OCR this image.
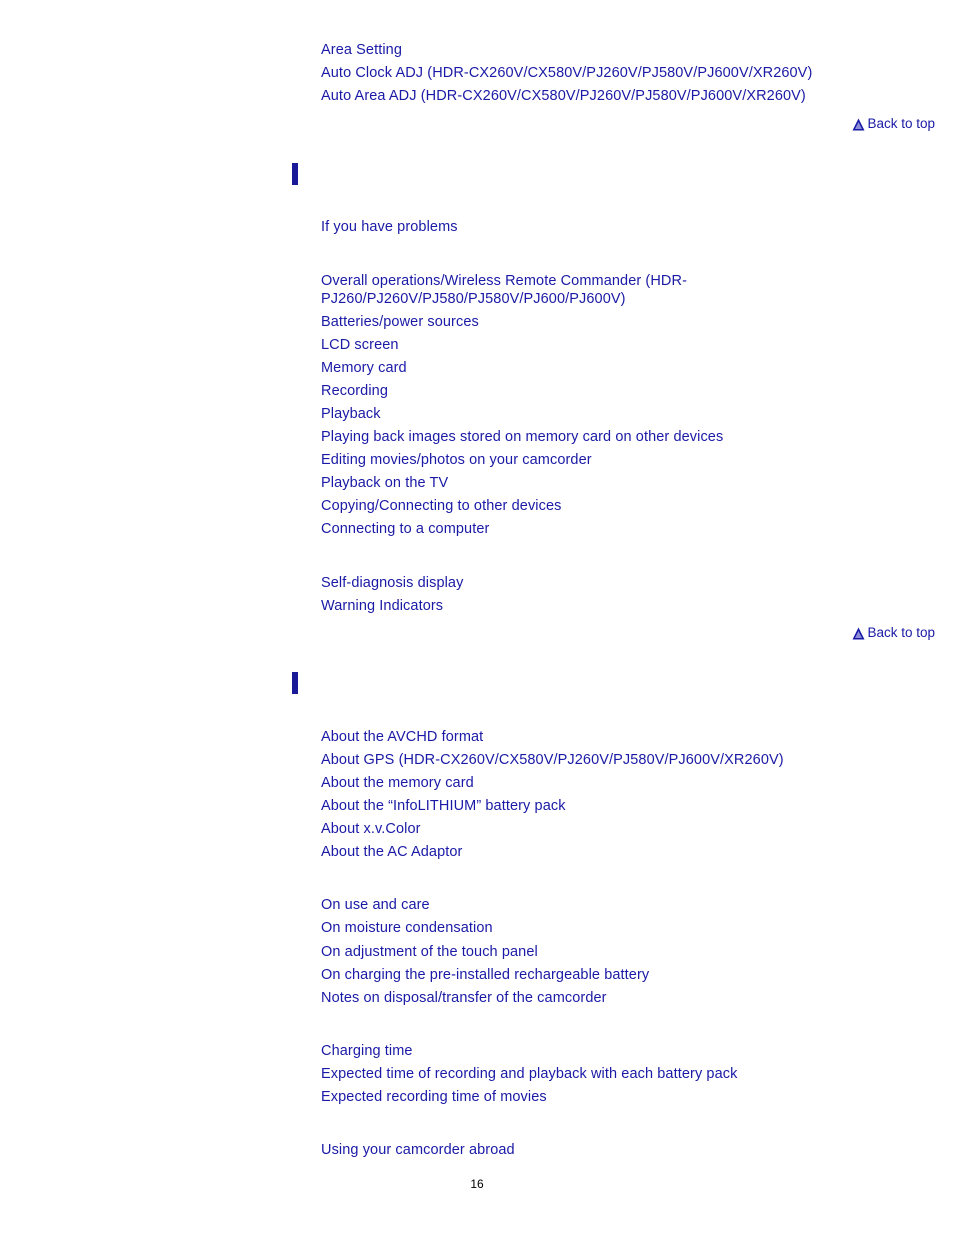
Area Setting
Auto Clock ADJ (HDR-CX260V/CX580V/PJ260V/PJ580V/PJ600V/XR260V)
Auto Area ADJ (HDR-CX260V/CX580V/PJ260V/PJ580V/PJ600V/XR260V)
Back to top
If you have problems
Overall operations/Wireless Remote Commander (HDR-PJ260/PJ260V/PJ580/PJ580V/PJ600/PJ600V)
Batteries/power sources
LCD screen
Memory card
Recording
Playback
Playing back images stored on memory card on other devices
Editing movies/photos on your camcorder
Playback on the TV
Copying/Connecting to other devices
Connecting to a computer
Self-diagnosis display
Warning Indicators
Back to top
About the AVCHD format
About GPS (HDR-CX260V/CX580V/PJ260V/PJ580V/PJ600V/XR260V)
About the memory card
About the “InfoLITHIUM” battery pack
About x.v.Color
About the AC Adaptor
On use and care
On moisture condensation
On adjustment of the touch panel
On charging the pre-installed rechargeable battery
Notes on disposal/transfer of the camcorder
Charging time
Expected time of recording and playback with each battery pack
Expected recording time of movies
Using your camcorder abroad
16
